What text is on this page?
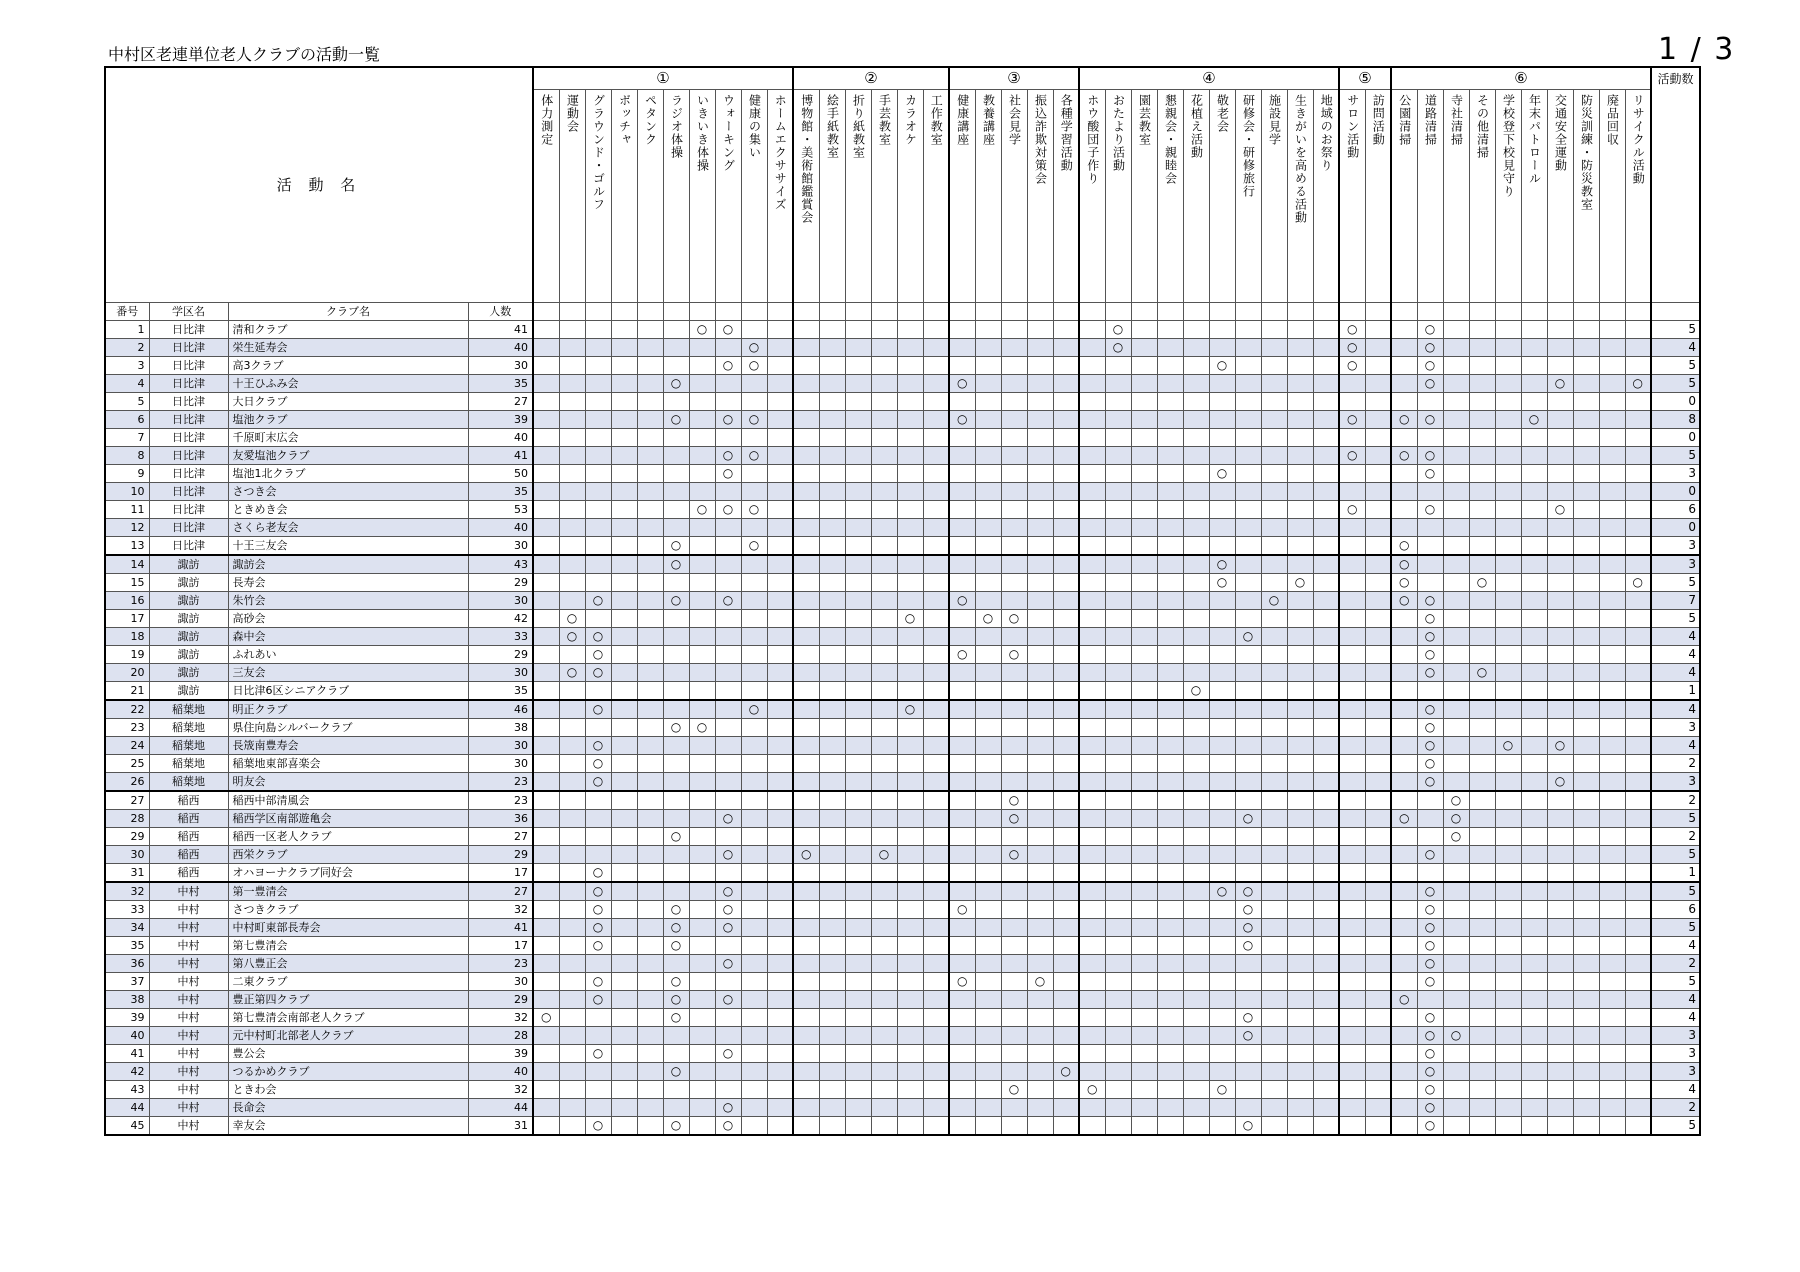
中村区老連単位老人クラブの活動一覧	1 / 3
活 動 名				①										②						③					④										⑤		⑥										活動数

				体力測定	運動会	グラウンド・ゴルフ	ボッチャ	ペタンク	ラジオ体操	いきいき体操	ウォーキング	健康の集い	ホームエクササイズ	博物館・美術館鑑賞会	絵手紙教室	折り紙教室	手芸教室	カラオケ	工作教室	健康講座	教養講座	社会見学	振込詐欺対策会	各種学習活動	ホウ酸団子作り	おたより活動	園芸教室	懇親会・親睦会	花植え活動	敬老会	研修会・研修旅行	施設見学	生きがいを高める活動	地域のお祭り	サロン活動	訪問活動	公園清掃	道路清掃	寺社清掃	その他清掃	学校登下校見守り	年末パトロール	交通安全運動	防災訓練・防災教室	廃品回収	リサイクル活動	

番号	学区名	クラブ名	人数																																												
1	日比津	清和クラブ	41							○	○															○									○			○									5
2	日比津	栄生延寿会	40									○														○									○			○									4
3	日比津	高3クラブ	30								○	○																		○					○			○									5
4	日比津	十王ひふみ会	35						○											○																		○					○			○	5
5	日比津	大日クラブ	27																																												0
6	日比津	塩池クラブ	39						○		○	○								○															○		○	○				○					8
7	日比津	千原町末広会	40																																												0
8	日比津	友愛塩池クラブ	41								○	○																							○		○	○									5
9	日比津	塩池1北クラブ	50								○																			○								○									3
10	日比津	さつき会	35																																												0
11	日比津	ときめき会	53							○	○	○																							○			○					○				6
12	日比津	さくら老友会	40																																												0
13	日比津	十王三友会	30						○			○																									○										3
14	諏訪	諏訪会	43						○																					○							○										3
15	諏訪	長寿会	29																											○			○				○			○						○	5
16	諏訪	朱竹会	30			○			○		○									○												○					○	○									7
17	諏訪	高砂会	42		○													○			○	○																○									5
18	諏訪	森中会	33		○	○																									○							○									4
19	諏訪	ふれあい	29			○														○		○																○									4
20	諏訪	三友会	30		○	○																																○		○							4
21	諏訪	日比津6区シニアクラブ	35																										○																		1
22	稲葉地	明正クラブ	46			○						○						○																				○									4
23	稲葉地	県住向島シルバークラブ	38						○	○																												○									3
24	稲葉地	長筬南豊寿会	30			○																																○			○		○				4
25	稲葉地	稲葉地東部喜楽会	30			○																																○									2
26	稲葉地	明友会	23			○																																○					○				3
27	稲西	稲西中部清風会	23																			○																	○								2
28	稲西	稲西学区南部遊亀会	36								○											○									○						○		○								5
29	稲西	稲西一区老人クラブ	27						○																														○								2
30	稲西	西栄クラブ	29								○			○			○					○																○									5
31	稲西	オハヨーナクラブ同好会	17			○																																									1
32	中村	第一豊清会	27			○					○																			○	○							○									5
33	中村	さつきクラブ	32			○			○		○									○											○							○									6
34	中村	中村町東部長寿会	41			○			○		○																				○							○									5
35	中村	第七豊清会	17			○			○																						○							○									4
36	中村	第八豊正会	23								○																											○									2
37	中村	二東クラブ	30			○			○											○			○															○									5
38	中村	豊正第四クラブ	29			○			○		○																										○										4
39	中村	第七豊清会南部老人クラブ	32	○					○																						○							○									4
40	中村	元中村町北部老人クラブ	28																												○							○	○								3
41	中村	豊公会	39			○					○																											○									3
42	中村	つるかめクラブ	40						○															○														○									3
43	中村	ときわ会	32																			○			○					○								○									4
44	中村	長命会	44								○																											○									2
45	中村	幸友会	31			○			○		○																				○							○									5
